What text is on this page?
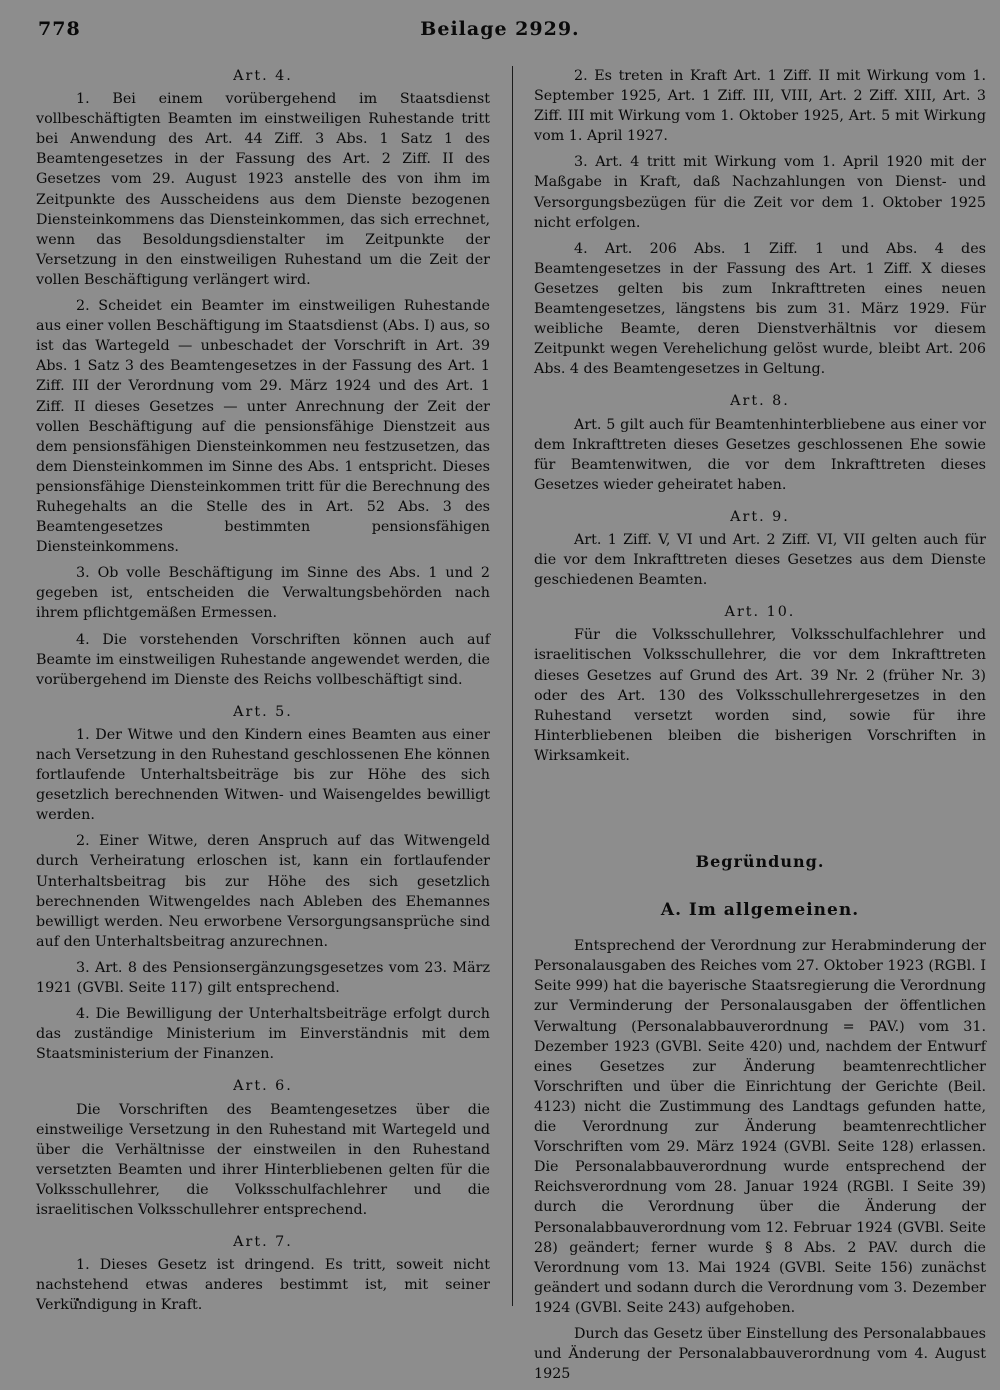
778	Beilage 2929.
Art. 4.

1. Bei einem vorübergehend im Staatsdienst vollbeschäftigten Beamten im einstweiligen Ruhestande tritt bei Anwendung des Art. 44 Ziff. 3 Abs. 1 Satz 1 des Beamtengesetzes in der Fassung des Art. 2 Ziff. II des Gesetzes vom 29. August 1923 anstelle des von ihm im Zeitpunkte des Ausscheidens aus dem Dienste bezogenen Diensteinkommens das Diensteinkommen, das sich errechnet, wenn das Besoldungsdienstalter im Zeitpunkte der Versetzung in den einstweiligen Ruhestand um die Zeit der vollen Beschäftigung verlängert wird.

2. Scheidet ein Beamter im einstweiligen Ruhestande aus einer vollen Beschäftigung im Staatsdienst (Abs. I) aus, so ist das Wartegeld — unbeschadet der Vorschrift in Art. 39 Abs. 1 Satz 3 des Beamtengesetzes in der Fassung des Art. 1 Ziff. III der Verordnung vom 29. März 1924 und des Art. 1 Ziff. II dieses Gesetzes — unter Anrechnung der Zeit der vollen Beschäftigung auf die pensionsfähige Dienstzeit aus dem pensionsfähigen Diensteinkommen neu festzusetzen, das dem Diensteinkommen im Sinne des Abs. 1 entspricht. Dieses pensionsfähige Diensteinkommen tritt für die Berechnung des Ruhegehalts an die Stelle des in Art. 52 Abs. 3 des Beamtengesetzes bestimmten pensionsfähigen Diensteinkommens.

3. Ob volle Beschäftigung im Sinne des Abs. 1 und 2 gegeben ist, entscheiden die Verwaltungsbehörden nach ihrem pflichtgemäßen Ermessen.

4. Die vorstehenden Vorschriften können auch auf Beamte im einstweiligen Ruhestande angewendet werden, die vorübergehend im Dienste des Reichs vollbeschäftigt sind.

Art. 5.

1. Der Witwe und den Kindern eines Beamten aus einer nach Versetzung in den Ruhestand geschlossenen Ehe können fortlaufende Unterhaltsbeiträge bis zur Höhe des sich gesetzlich berechnenden Witwen- und Waisengeldes bewilligt werden.

2. Einer Witwe, deren Anspruch auf das Witwengeld durch Verheiratung erloschen ist, kann ein fortlaufender Unterhaltsbeitrag bis zur Höhe des sich gesetzlich berechnenden Witwengeldes nach Ableben des Ehemannes bewilligt werden. Neu erworbene Versorgungsansprüche sind auf den Unterhaltsbeitrag anzurechnen.

3. Art. 8 des Pensionsergänzungsgesetzes vom 23. März 1921 (GVBl. Seite 117) gilt entsprechend.

4. Die Bewilligung der Unterhaltsbeiträge erfolgt durch das zuständige Ministerium im Einverständnis mit dem Staatsministerium der Finanzen.

Art. 6.

Die Vorschriften des Beamtengesetzes über die einstweilige Versetzung in den Ruhestand mit Wartegeld und über die Verhältnisse der einstweilen in den Ruhestand versetzten Beamten und ihrer Hinterbliebenen gelten für die Volksschullehrer, die Volksschulfachlehrer und die israelitischen Volksschullehrer entsprechend.

Art. 7.

1. Dieses Gesetz ist dringend. Es tritt, soweit nicht nachstehend etwas anderes bestimmt ist, mit seiner Verkündigung in Kraft.

2. Es treten in Kraft Art. 1 Ziff. II mit Wirkung vom 1. September 1925, Art. 1 Ziff. III, VIII, Art. 2 Ziff. XIII, Art. 3 Ziff. III mit Wirkung vom 1. Oktober 1925, Art. 5 mit Wirkung vom 1. April 1927.

3. Art. 4 tritt mit Wirkung vom 1. April 1920 mit der Maßgabe in Kraft, daß Nachzahlungen von Dienst- und Versorgungsbezügen für die Zeit vor dem 1. Oktober 1925 nicht erfolgen.

4. Art. 206 Abs. 1 Ziff. 1 und Abs. 4 des Beamtengesetzes in der Fassung des Art. 1 Ziff. X dieses Gesetzes gelten bis zum Inkrafttreten eines neuen Beamtengesetzes, längstens bis zum 31. März 1929. Für weibliche Beamte, deren Dienstverhältnis vor diesem Zeitpunkt wegen Verehelichung gelöst wurde, bleibt Art. 206 Abs. 4 des Beamtengesetzes in Geltung.

Art. 8.

Art. 5 gilt auch für Beamtenhinterbliebene aus einer vor dem Inkrafttreten dieses Gesetzes geschlossenen Ehe sowie für Beamtenwitwen, die vor dem Inkrafttreten dieses Gesetzes wieder geheiratet haben.

Art. 9.

Art. 1 Ziff. V, VI und Art. 2 Ziff. VI, VII gelten auch für die vor dem Inkrafttreten dieses Gesetzes aus dem Dienste geschiedenen Beamten.

Art. 10.

Für die Volksschullehrer, Volksschulfachlehrer und israelitischen Volksschullehrer, die vor dem Inkrafttreten dieses Gesetzes auf Grund des Art. 39 Nr. 2 (früher Nr. 3) oder des Art. 130 des Volksschullehrergesetzes in den Ruhestand versetzt worden sind, sowie für ihre Hinterbliebenen bleiben die bisherigen Vorschriften in Wirksamkeit.

Begründung.
A. Im allgemeinen.

Entsprechend der Verordnung zur Herabminderung der Personalausgaben des Reiches vom 27. Oktober 1923 (RGBl. I Seite 999) hat die bayerische Staatsregierung die Verordnung zur Verminderung der Personalausgaben der öffentlichen Verwaltung (Personalabbauverordnung = PAV.) vom 31. Dezember 1923 (GVBl. Seite 420) und, nachdem der Entwurf eines Gesetzes zur Änderung beamtenrechtlicher Vorschriften und über die Einrichtung der Gerichte (Beil. 4123) nicht die Zustimmung des Landtags gefunden hatte, die Verordnung zur Änderung beamtenrechtlicher Vorschriften vom 29. März 1924 (GVBl. Seite 128) erlassen. Die Personalabbauverordnung wurde entsprechend der Reichsverordnung vom 28. Januar 1924 (RGBl. I Seite 39) durch die Verordnung über die Änderung der Personalabbauverordnung vom 12. Februar 1924 (GVBl. Seite 28) geändert; ferner wurde § 8 Abs. 2 PAV. durch die Verordnung vom 13. Mai 1924 (GVBl. Seite 156) zunächst geändert und sodann durch die Verordnung vom 3. Dezember 1924 (GVBl. Seite 243) aufgehoben.

Durch das Gesetz über Einstellung des Personalabbaues und Änderung der Personalabbauverordnung vom 4. August 1925
